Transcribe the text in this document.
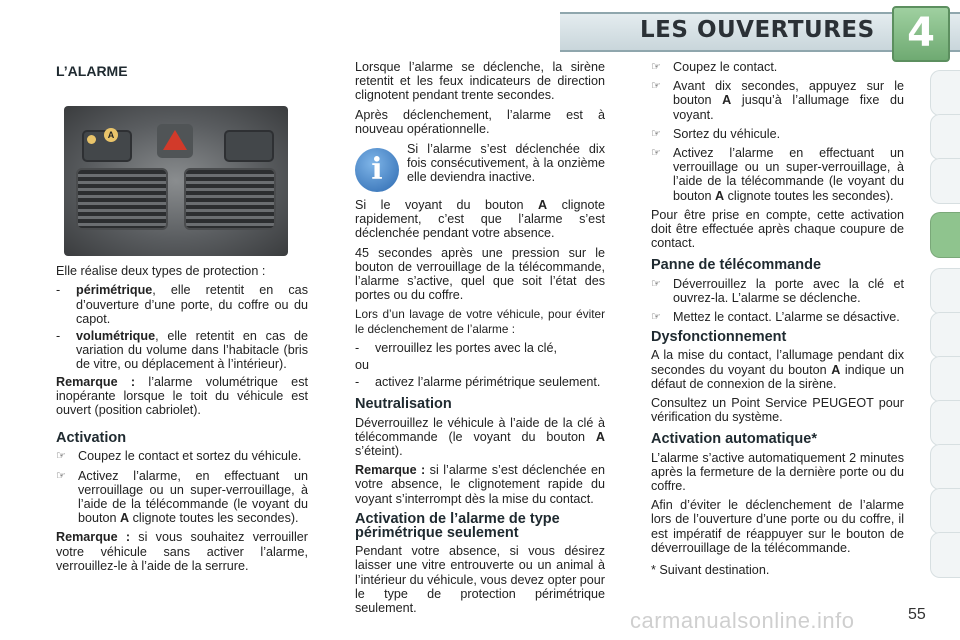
LES OUVERTURES 4
L’ALARME
A

Elle réalise deux types de protection :

- périmétrique, elle retentit en cas d’ouverture d’une porte, du coffre ou du capot.
- volumétrique, elle retentit en cas de variation du volume dans l’habitacle (bris de vitre, ou déplacement à l’intérieur).

Remarque : l’alarme volumétrique est inopérante lorsque le toit du véhicule est ouvert (position cabriolet).

Activation
☞ Coupez le contact et sortez du véhicule.
☞ Activez l’alarme, en effectuant un verrouillage ou un super-verrouillage, à l’aide de la télécommande (le voyant du bouton A clignote toutes les secondes).

Remarque : si vous souhaitez verrouiller votre véhicule sans activer l’alarme, verrouillez-le à l’aide de la serrure.

Lorsque l’alarme se déclenche, la sirène retentit et les feux indicateurs de direction clignotent pendant trente secondes.

Après déclenchement, l’alarme est à nouveau opérationnelle.

i
Si l’alarme s’est déclenchée dix fois consécutivement, à la onzième elle deviendra inactive.

Si le voyant du bouton A clignote rapidement, c’est que l’alarme s’est déclenchée pendant votre absence.

45 secondes après une pression sur le bouton de verrouillage de la télécommande, l’alarme s’active, quel que soit l’état des portes ou du coffre.

Lors d’un lavage de votre véhicule, pour éviter le déclenchement de l’alarme :

- verrouillez les portes avec la clé,

ou

- activez l’alarme périmétrique seulement.
Neutralisation

Déverrouillez le véhicule à l’aide de la clé à télécommande (le voyant du bouton A s’éteint).

Remarque : si l’alarme s’est déclenchée en votre absence, le clignotement rapide du voyant s’interrompt dès la mise du contact.

Activation de l’alarme de type périmétrique seulement

Pendant votre absence, si vous désirez laisser une vitre entrouverte ou un animal à l’intérieur du véhicule, vous devez opter pour le type de protection périmétrique seulement.

☞ Coupez le contact.
☞ Avant dix secondes, appuyez sur le bouton A jusqu’à l’allumage fixe du voyant.
☞ Sortez du véhicule.
☞ Activez l’alarme en effectuant un verrouillage ou un super-verrouillage, à l’aide de la télécommande (le voyant du bouton A clignote toutes les secondes).

Pour être prise en compte, cette activation doit être effectuée après chaque coupure de contact.

Panne de télécommande
☞ Déverrouillez la porte avec la clé et ouvrez-la. L’alarme se déclenche.
☞ Mettez le contact. L’alarme se désactive.
Dysfonctionnement

A la mise du contact, l’allumage pendant dix secondes du voyant du bouton A indique un défaut de connexion de la sirène.

Consultez un Point Service PEUGEOT pour vérification du système.

Activation automatique*

L’alarme s’active automatiquement 2 minutes après la fermeture de la dernière porte ou du coffre.

Afin d’éviter le déclenchement de l’alarme lors de l’ouverture d’une porte ou du coffre, il est impératif de réappuyer sur le bouton de déverrouillage de la télécommande.

* Suivant destination.

carmanualsonline.info	55
